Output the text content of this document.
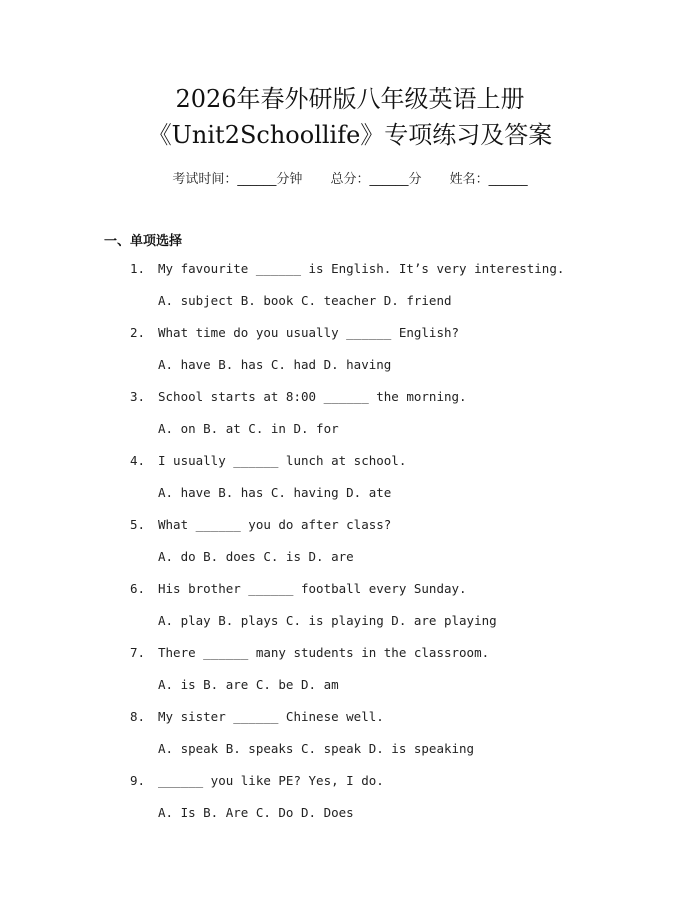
2026年春外研版八年级英语上册
《Unit2Schoollife》专项练习及答案
考试时间：______分钟 总分：______分 姓名：______
一、单项选择
1. My favourite ______ is English. It’s very interesting.
A. subject B. book C. teacher D. friend
2. What time do you usually ______ English?
A. have B. has C. had D. having
3. School starts at 8:00 ______ the morning.
A. on B. at C. in D. for
4. I usually ______ lunch at school.
A. have B. has C. having D. ate
5. What ______ you do after class?
A. do B. does C. is D. are
6. His brother ______ football every Sunday.
A. play B. plays C. is playing D. are playing
7. There ______ many students in the classroom.
A. is B. are C. be D. am
8. My sister ______ Chinese well.
A. speak B. speaks C. speak D. is speaking
9. ______ you like PE? Yes, I do.
A. Is B. Are C. Do D. Does
